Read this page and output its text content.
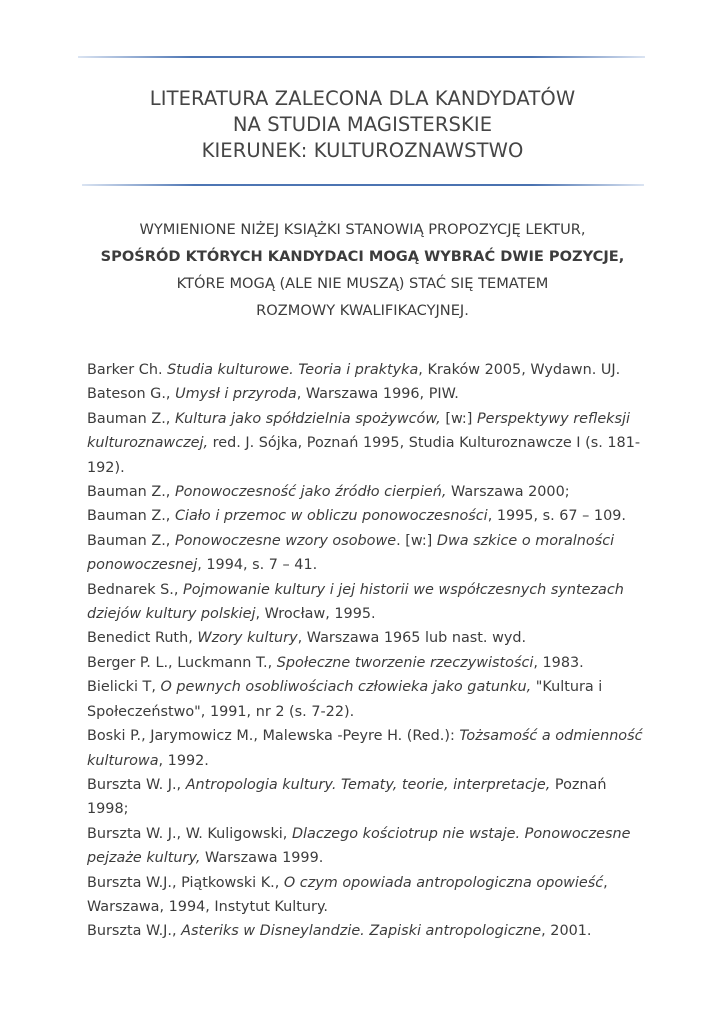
LITERATURA ZALECONA DLA KANDYDATÓW
NA STUDIA MAGISTERSKIE
KIERUNEK: KULTUROZNAWSTWO
WYMIENIONE NIŻEJ KSIĄŻKI STANOWIĄ PROPOZYCJĘ LEKTUR,
SPOŚRÓD KTÓRYCH KANDYDACI MOGĄ WYBRAĆ DWIE POZYCJE,
KTÓRE MOGĄ (ALE NIE MUSZĄ) STAĆ SIĘ TEMATEM
ROZMOWY KWALIFIKACYJNEJ.

Barker Ch. Studia kulturowe. Teoria i praktyka, Kraków 2005, Wydawn. UJ.

Bateson G., Umysł i przyroda, Warszawa 1996, PIW.

Bauman Z., Kultura jako spółdzielnia spożywców, [w:] Perspektywy refleksji kulturoznawczej, red. J. Sójka, Poznań 1995, Studia Kulturoznawcze I (s. 181-192).

Bauman Z., Ponowoczesność jako źródło cierpień, Warszawa 2000;

Bauman Z., Ciało i przemoc w obliczu ponowoczesności, 1995, s. 67 – 109.

Bauman Z., Ponowoczesne wzory osobowe. [w:] Dwa szkice o moralności ponowoczesnej, 1994, s. 7 – 41.

Bednarek S., Pojmowanie kultury i jej historii we współczesnych syntezach dziejów kultury polskiej, Wrocław, 1995.

Benedict Ruth, Wzory kultury, Warszawa 1965 lub nast. wyd.

Berger P. L., Luckmann T., Społeczne tworzenie rzeczywistości, 1983.

Bielicki T, O pewnych osobliwościach człowieka jako gatunku, "Kultura i Społeczeństwo", 1991, nr 2 (s. 7-22).

Boski P., Jarymowicz M., Malewska -Peyre H. (Red.): Tożsamość a odmienność kulturowa, 1992.

Burszta W. J., Antropologia kultury. Tematy, teorie, interpretacje, Poznań 1998;

Burszta W. J., W. Kuligowski, Dlaczego kościotrup nie wstaje. Ponowoczesne pejzaże kultury, Warszawa 1999.

Burszta W.J., Piątkowski K., O czym opowiada antropologiczna opowieść, Warszawa, 1994, Instytut Kultury.

Burszta W.J., Asteriks w Disneylandzie. Zapiski antropologiczne, 2001.
